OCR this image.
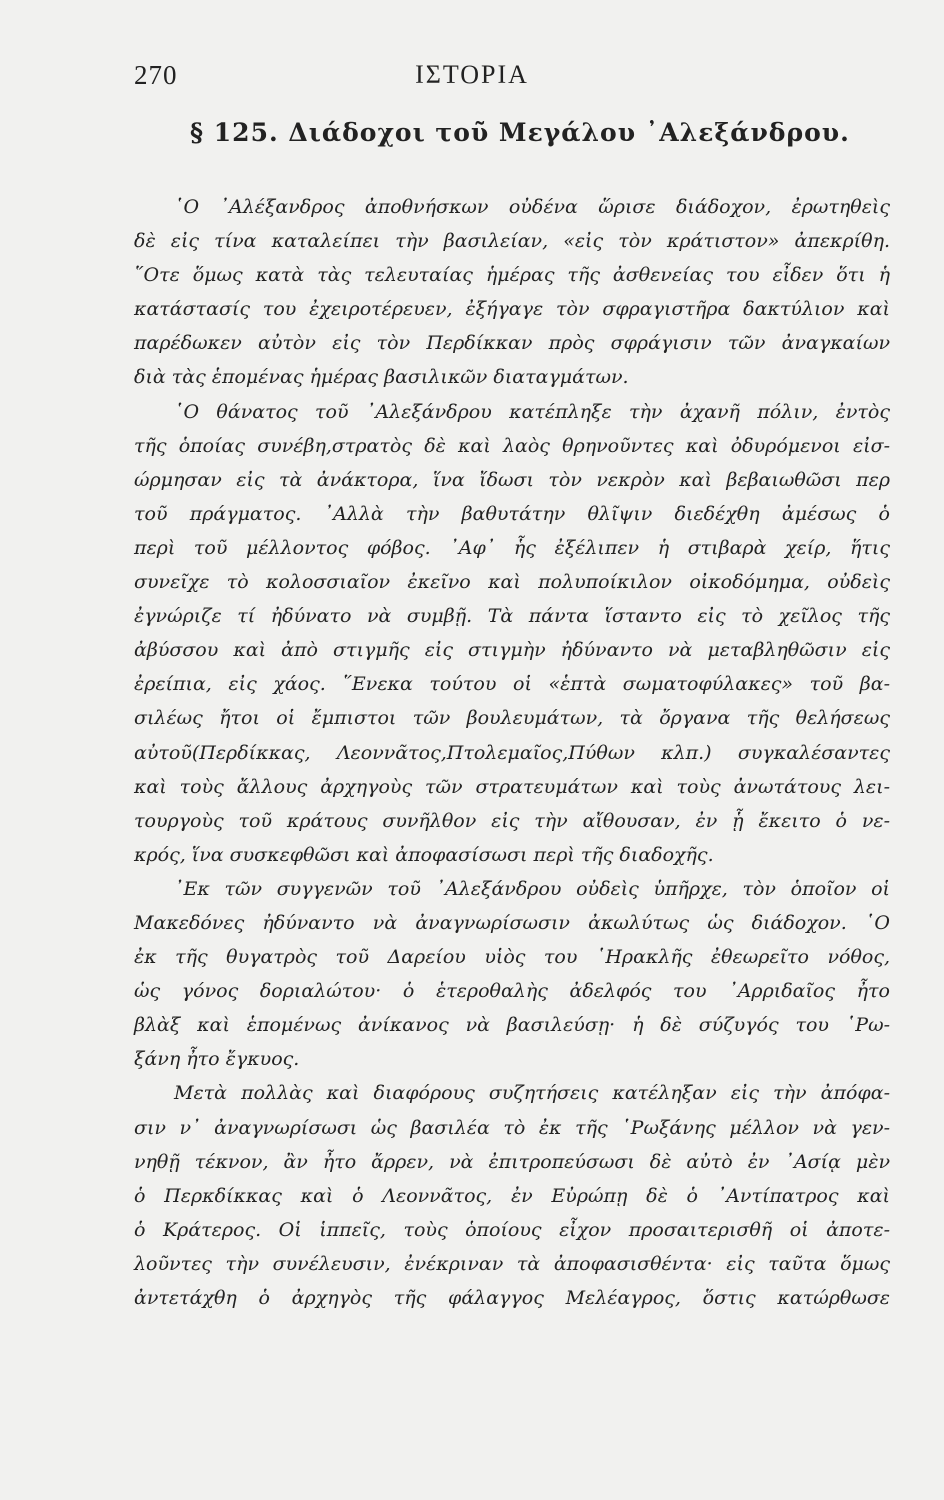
270	ΙΣΤΟΡΙΑ
§ 125. Διάδοχοι τοῦ Μεγάλου ᾽Αλεξάνδρου.
῾Ο ᾽Αλέξανδρος ἀποθνήσκων οὐδένα ὥρισε διάδοχον, ἐρωτηθεὶς
δὲ εἰς τίνα καταλείπει τὴν βασιλείαν, «εἰς τὸν κράτιστον» ἀπεκρίθη.
῞Οτε ὅμως κατὰ τὰς τελευταίας ἡμέρας τῆς ἀσθενείας του εἶδεν ὅτι ἡ
κατάστασίς του ἐχειροτέρευεν, ἐξήγαγε τὸν σφραγιστῆρα δακτύλιον καὶ
παρέδωκεν αὐτὸν εἰς τὸν Περδίκκαν πρὸς σφράγισιν τῶν ἀναγκαίων
διὰ τὰς ἑπομένας ἡμέρας βασιλικῶν διαταγμάτων.
῾Ο θάνατος τοῦ ᾽Αλεξάνδρου κατέπληξε τὴν ἀχανῆ πόλιν, ἐντὸς
τῆς ὁποίας συνέβη,στρατὸς δὲ καὶ λαὸς θρηνοῦντες καὶ ὀδυρόμενοι εἰσ-
ώρμησαν εἰς τὰ ἀνάκτορα, ἵνα ἴδωσι τὸν νεκρὸν καὶ βεβαιωθῶσι περ
τοῦ πράγματος. ᾽Αλλὰ τὴν βαθυτάτην θλῖψιν διεδέχθη ἀμέσως ὁ
περὶ τοῦ μέλλοντος φόβος. ᾽Αφ᾽ ἧς ἐξέλιπεν ἡ στιβαρὰ χείρ, ἥτις
συνεῖχε τὸ κολοσσιαῖον ἐκεῖνο καὶ πολυποίκιλον οἰκοδόμημα, οὐδεὶς
ἐγνώριζε τί ἠδύνατο νὰ συμβῇ. Τὰ πάντα ἵσταντο εἰς τὸ χεῖλος τῆς
ἀβύσσου καὶ ἀπὸ στιγμῆς εἰς στιγμὴν ἠδύναντο νὰ μεταβληθῶσιν εἰς
ἐρείπια, εἰς χάος. ῞Ενεκα τούτου οἱ «ἑπτὰ σωματοφύλακες» τοῦ βα-
σιλέως ἤτοι οἱ ἔμπιστοι τῶν βουλευμάτων, τὰ ὄργανα τῆς θελήσεως
αὐτοῦ(Περδίκκας, Λεοννᾶτος,Πτολεμαῖος,Πύθων κλπ.) συγκαλέσαντες
καὶ τοὺς ἄλλους ἀρχηγοὺς τῶν στρατευμάτων καὶ τοὺς ἀνωτάτους λει-
τουργοὺς τοῦ κράτους συνῆλθον εἰς τὴν αἴθουσαν, ἐν ᾗ ἔκειτο ὁ νε-
κρός, ἵνα συσκεφθῶσι καὶ ἀποφασίσωσι περὶ τῆς διαδοχῆς.
᾽Εκ τῶν συγγενῶν τοῦ ᾽Αλεξάνδρου οὐδεὶς ὑπῆρχε, τὸν ὁποῖον οἱ
Μακεδόνες ἠδύναντο νὰ ἀναγνωρίσωσιν ἀκωλύτως ὡς διάδοχον. ῾Ο
ἐκ τῆς θυγατρὸς τοῦ Δαρείου υἱὸς του ῾Ηρακλῆς ἐθεωρεῖτο νόθος,
ὡς γόνος δοριαλώτου· ὁ ἑτεροθαλὴς ἀδελφός του ᾽Αρριδαῖος ἦτο
βλὰξ καὶ ἑπομένως ἀνίκανος νὰ βασιλεύσῃ· ἡ δὲ σύζυγός του ῾Ρω-
ξάνη ἦτο ἔγκυος.
Μετὰ πολλὰς καὶ διαφόρους συζητήσεις κατέληξαν εἰς τὴν ἀπόφα-
σιν ν᾽ ἀναγνωρίσωσι ὡς βασιλέα τὸ ἐκ τῆς ῾Ρωξάνης μέλλον νὰ γεν-
νηθῇ τέκνον, ἂν ἦτο ἄρρεν, νὰ ἐπιτροπεύσωσι δὲ αὐτὸ ἐν ᾽Ασίᾳ μὲν
ὁ Περκδίκκας καὶ ὁ Λεοννᾶτος, ἐν Εὐρώπῃ δὲ ὁ ᾽Αντίπατρος καὶ
ὁ Κράτερος. Οἱ ἱππεῖς, τοὺς ὁποίους εἶχον προσαιτερισθῆ οἱ ἀποτε-
λοῦντες τὴν συνέλευσιν, ἐνέκριναν τὰ ἀποφασισθέντα· εἰς ταῦτα ὅμως
ἀντετάχθη ὁ ἀρχηγὸς τῆς φάλαγγος Μελέαγρος, ὅστις κατώρθωσε
